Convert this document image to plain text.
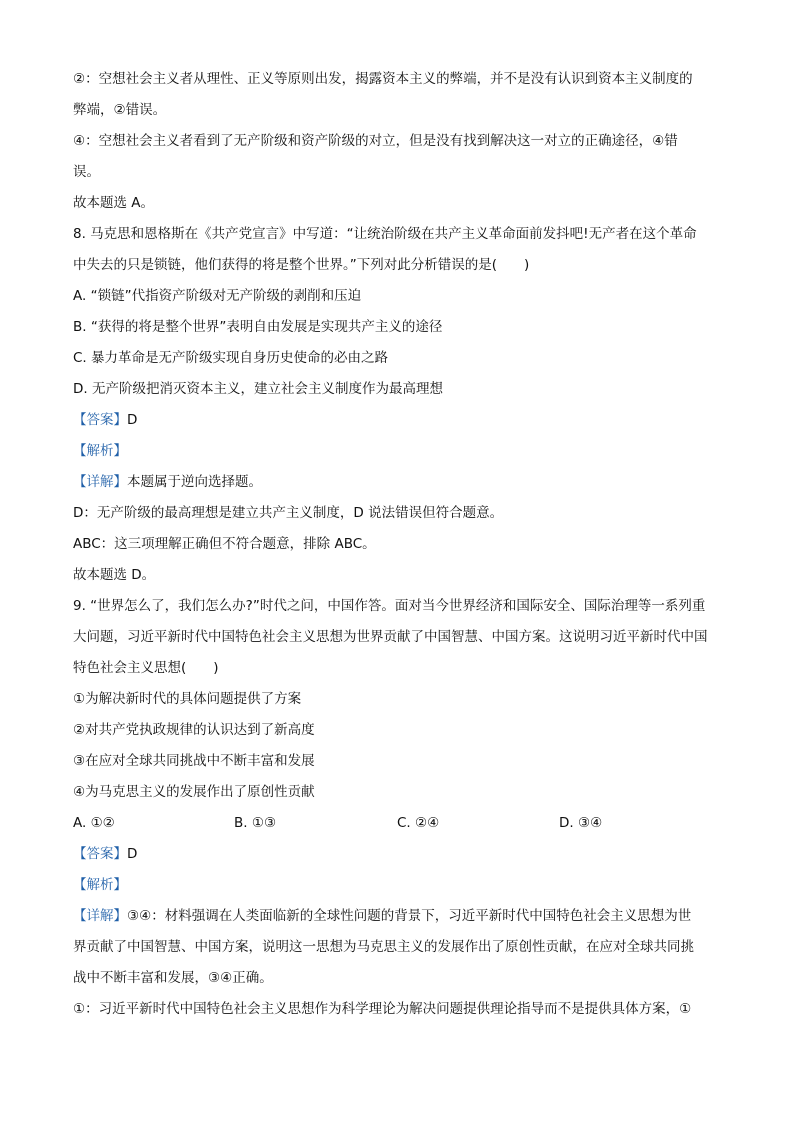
②：空想社会主义者从理性、正义等原则出发，揭露资本主义的弊端，并不是没有认识到资本主义制度的
弊端，②错误。
④：空想社会主义者看到了无产阶级和资产阶级的对立，但是没有找到解决这一对立的正确途径，④错
误。
故本题选 A。
8. 马克思和恩格斯在《共产党宣言》中写道：“让统治阶级在共产主义革命面前发抖吧!无产者在这个革命
中失去的只是锁链，他们获得的将是整个世界。”下列对此分析错误的是(　　)
A. “锁链”代指资产阶级对无产阶级的剥削和压迫
B. “获得的将是整个世界”表明自由发展是实现共产主义的途径
C. 暴力革命是无产阶级实现自身历史使命的必由之路
D. 无产阶级把消灭资本主义，建立社会主义制度作为最高理想
【答案】D
【解析】
【详解】本题属于逆向选择题。
D：无产阶级的最高理想是建立共产主义制度，D 说法错误但符合题意。
ABC：这三项理解正确但不符合题意，排除 ABC。
故本题选 D。
9. “世界怎么了，我们怎么办?”时代之问，中国作答。面对当今世界经济和国际安全、国际治理等一系列重
大问题，习近平新时代中国特色社会主义思想为世界贡献了中国智慧、中国方案。这说明习近平新时代中国
特色社会主义思想(　　)
①为解决新时代的具体问题提供了方案
②对共产党执政规律的认识达到了新高度
③在应对全球共同挑战中不断丰富和发展
④为马克思主义的发展作出了原创性贡献
A. ①②	B. ①③	C. ②④	D. ③④
【答案】D
【解析】
【详解】③④：材料强调在人类面临新的全球性问题的背景下，习近平新时代中国特色社会主义思想为世
界贡献了中国智慧、中国方案，说明这一思想为马克思主义的发展作出了原创性贡献，在应对全球共同挑
战中不断丰富和发展，③④正确。
①：习近平新时代中国特色社会主义思想作为科学理论为解决问题提供理论指导而不是提供具体方案，①
